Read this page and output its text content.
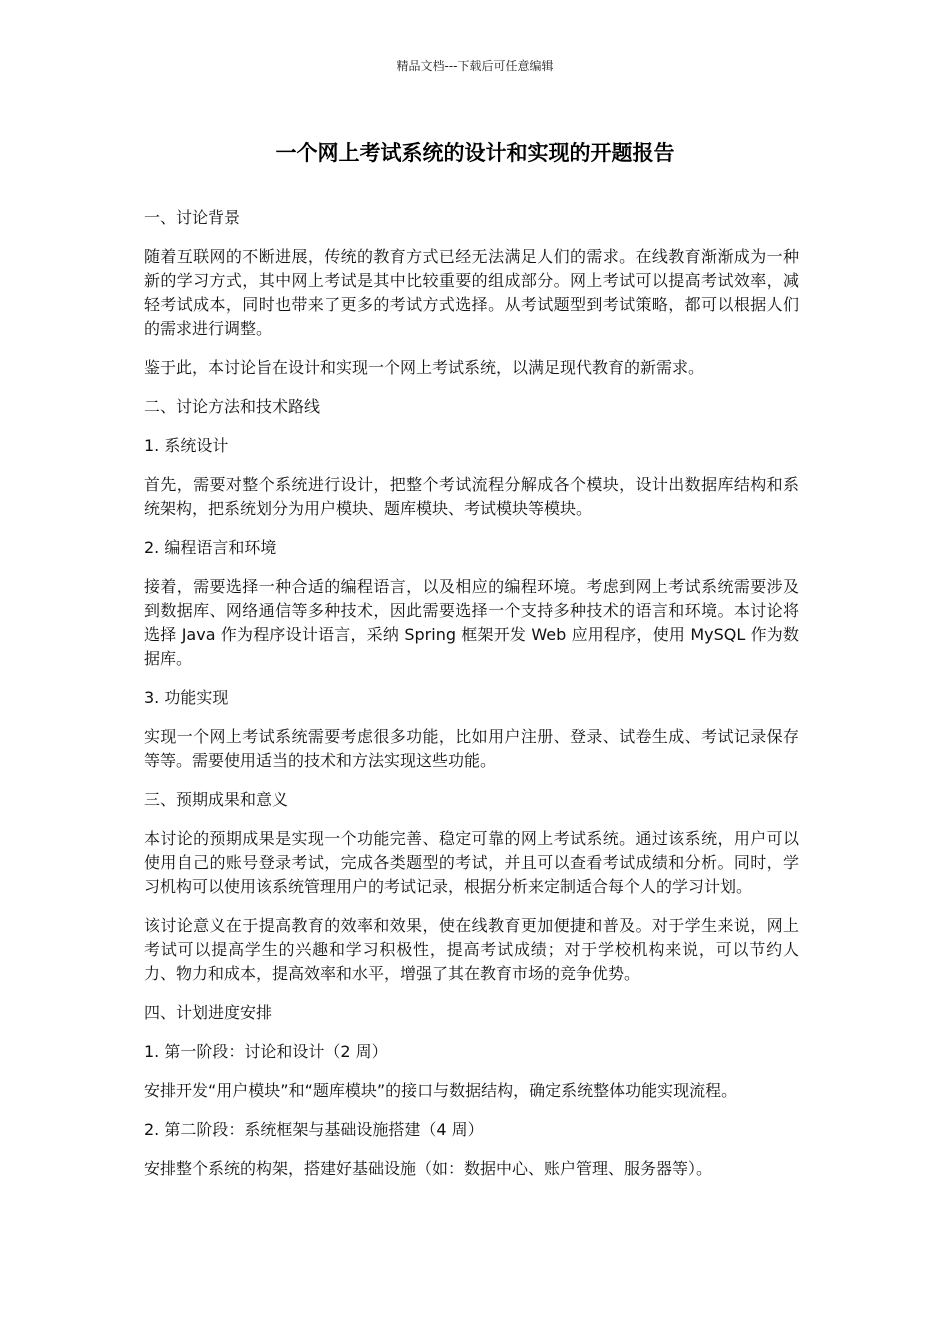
精品文档---下载后可任意编辑
一个网上考试系统的设计和实现的开题报告

一、讨论背景

随着互联网的不断进展，传统的教育方式已经无法满足人们的需求。在线教育渐渐成为一种新的学习方式，其中网上考试是其中比较重要的组成部分。网上考试可以提高考试效率，减轻考试成本，同时也带来了更多的考试方式选择。从考试题型到考试策略，都可以根据人们的需求进行调整。

鉴于此，本讨论旨在设计和实现一个网上考试系统，以满足现代教育的新需求。

二、讨论方法和技术路线

1. 系统设计

首先，需要对整个系统进行设计，把整个考试流程分解成各个模块，设计出数据库结构和系统架构，把系统划分为用户模块、题库模块、考试模块等模块。

2. 编程语言和环境

接着，需要选择一种合适的编程语言，以及相应的编程环境。考虑到网上考试系统需要涉及到数据库、网络通信等多种技术，因此需要选择一个支持多种技术的语言和环境。本讨论将选择 Java 作为程序设计语言，采纳 Spring 框架开发 Web 应用程序，使用 MySQL 作为数据库。

3. 功能实现

实现一个网上考试系统需要考虑很多功能，比如用户注册、登录、试卷生成、考试记录保存等等。需要使用适当的技术和方法实现这些功能。

三、预期成果和意义

本讨论的预期成果是实现一个功能完善、稳定可靠的网上考试系统。通过该系统，用户可以使用自己的账号登录考试，完成各类题型的考试，并且可以查看考试成绩和分析。同时，学习机构可以使用该系统管理用户的考试记录，根据分析来定制适合每个人的学习计划。

该讨论意义在于提高教育的效率和效果，使在线教育更加便捷和普及。对于学生来说，网上考试可以提高学生的兴趣和学习积极性，提高考试成绩；对于学校机构来说，可以节约人力、物力和成本，提高效率和水平，增强了其在教育市场的竞争优势。

四、计划进度安排

1. 第一阶段：讨论和设计（2 周）

安排开发“用户模块”和“题库模块”的接口与数据结构，确定系统整体功能实现流程。

2. 第二阶段：系统框架与基础设施搭建（4 周）

安排整个系统的构架，搭建好基础设施（如：数据中心、账户管理、服务器等）。
